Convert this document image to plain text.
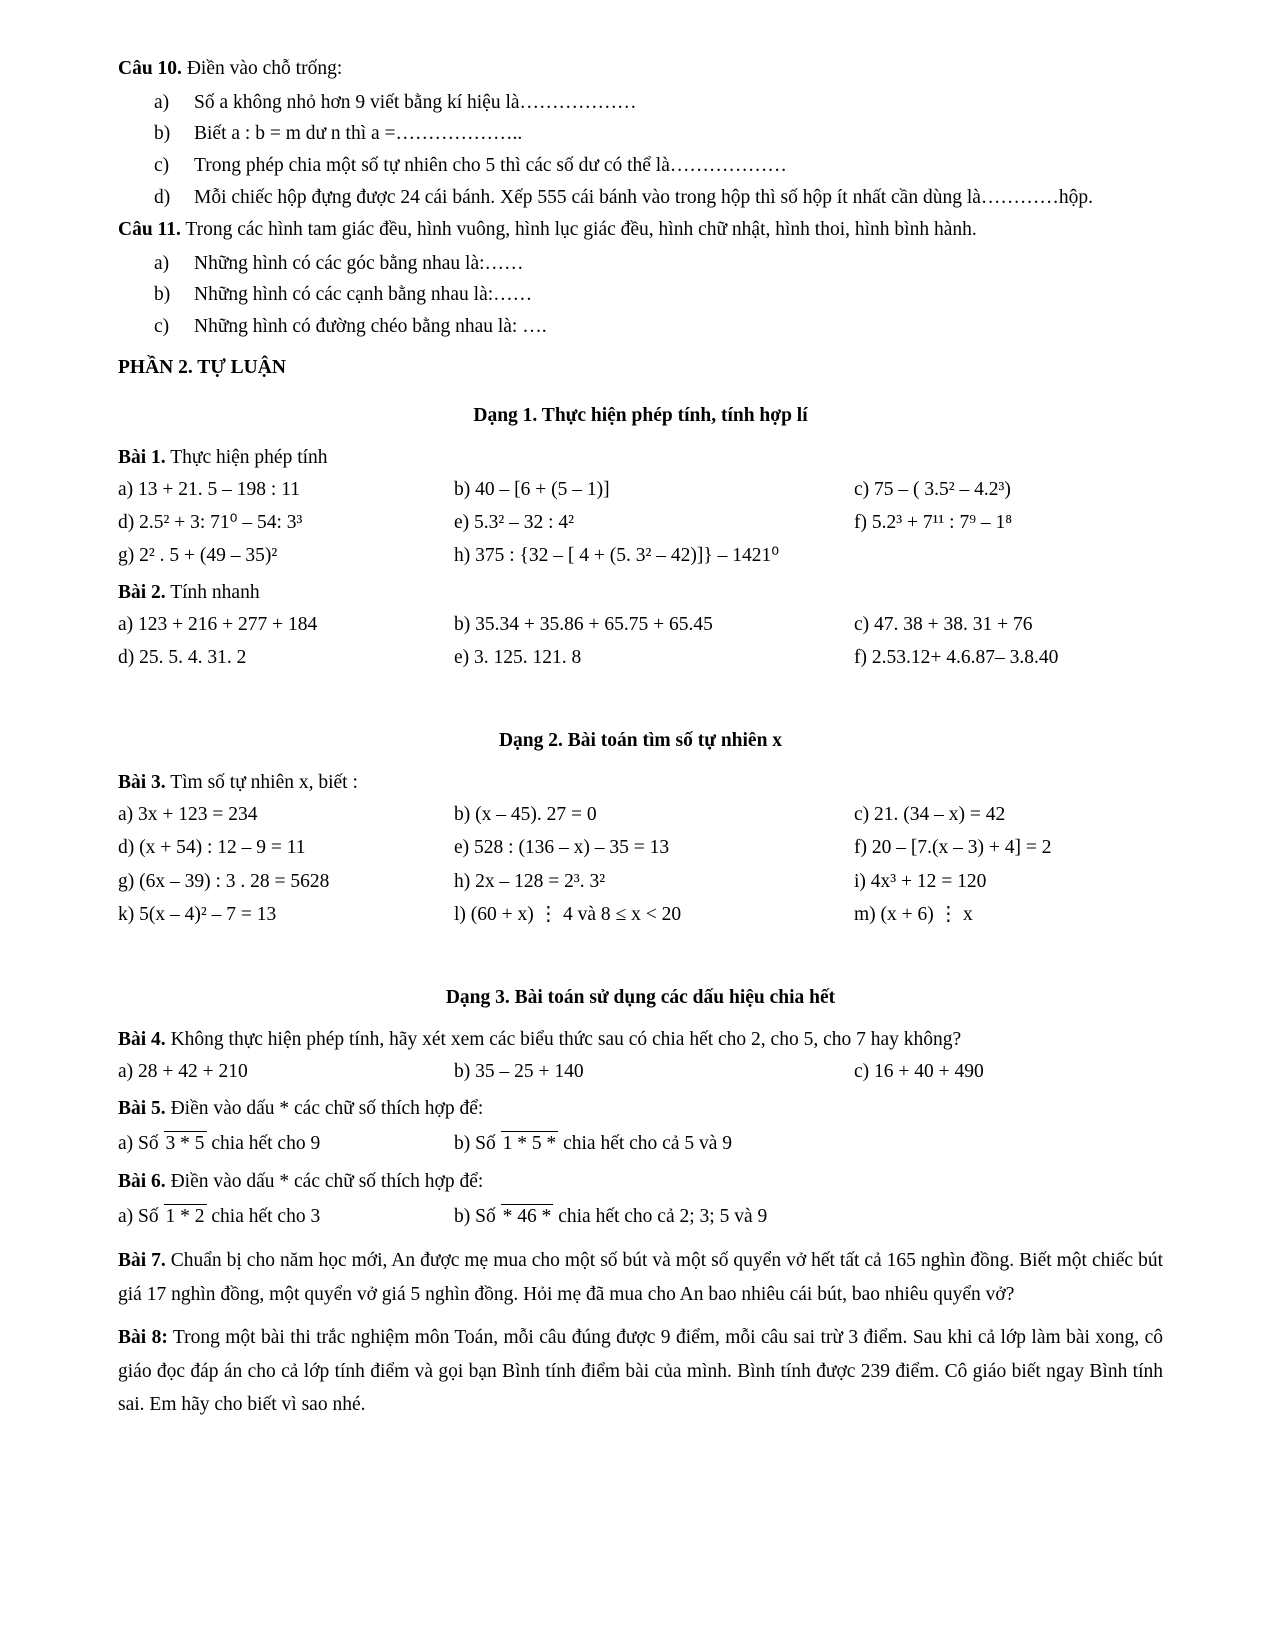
Câu 10. Điền vào chỗ trống:
a)	Số a không nhỏ hơn 9 viết bằng kí hiệu là………………
b)	Biết a : b = m dư n thì a =………………..
c)	Trong phép chia một số tự nhiên cho 5 thì các số dư có thể là………………
d)	Mỗi chiếc hộp đựng được 24 cái bánh. Xếp 555 cái bánh vào trong hộp thì số hộp ít nhất cần dùng là…………hộp.
Câu 11. Trong các hình tam giác đều, hình vuông, hình lục giác đều, hình chữ nhật, hình thoi, hình bình hành.
a)	Những hình có các góc bằng nhau là:……
b)	Những hình có các cạnh bằng nhau là:……
c)	Những hình có đường chéo bằng nhau là: ….
PHẦN 2. TỰ LUẬN
Dạng 1. Thực hiện phép tính, tính hợp lí
Bài 1. Thực hiện phép tính
a) 13 + 21. 5 – 198 : 11	b) 40 – [6 + (5 – 1)]	c) 75 – ( 3.5² – 4.2³)
d) 2.5² + 3: 71⁰ – 54: 3³	e) 5.3² – 32 : 4²	f) 5.2³ + 7¹¹ : 7⁹ – 1⁸
g) 2² . 5 + (49 – 35)²	h) 375 : {32 – [ 4 + (5. 3² – 42)]} – 1421⁰
Bài 2. Tính nhanh
a) 123 + 216 + 277 + 184	b) 35.34 + 35.86 + 65.75 + 65.45	c) 47. 38 + 38. 31 + 76
d) 25. 5. 4. 31. 2	e) 3. 125. 121. 8	f) 2.53.12+ 4.6.87– 3.8.40
Dạng 2. Bài toán tìm số tự nhiên x
Bài 3. Tìm số tự nhiên x, biết :
a) 3x + 123 = 234	b) (x – 45). 27 = 0	c) 21. (34 – x) = 42
d) (x + 54) : 12 – 9 = 11	e) 528 : (136 – x) – 35 = 13	f) 20 – [7.(x – 3) + 4] = 2
g) (6x – 39) : 3 . 28 = 5628	h) 2x – 128 = 2³. 3²	i) 4x³ + 12 = 120
k) 5(x – 4)² – 7 = 13	l) (60 + x) ⋮ 4 và 8 ≤ x < 20	m) (x + 6) ⋮ x
Dạng 3. Bài toán sử dụng các dấu hiệu chia hết
Bài 4. Không thực hiện phép tính, hãy xét xem các biểu thức sau có chia hết cho 2, cho 5, cho 7 hay không?
a) 28 + 42 + 210	b) 35 – 25 + 140	c) 16 + 40 + 490
Bài 5. Điền vào dấu * các chữ số thích hợp để:
a) Số 3 * 5 chia hết cho 9	b) Số 1 * 5 * chia hết cho cả 5 và 9
Bài 6. Điền vào dấu * các chữ số thích hợp để:
a) Số 1 * 2 chia hết cho 3	b) Số * 46 * chia hết cho cả 2; 3; 5 và 9
Bài 7. Chuẩn bị cho năm học mới, An được mẹ mua cho một số bút và một số quyển vở hết tất cả 165 nghìn đồng. Biết một chiếc bút giá 17 nghìn đồng, một quyển vở giá 5 nghìn đồng. Hỏi mẹ đã mua cho An bao nhiêu cái bút, bao nhiêu quyển vở?
Bài 8: Trong một bài thi trắc nghiệm môn Toán, mỗi câu đúng được 9 điểm, mỗi câu sai trừ 3 điểm. Sau khi cả lớp làm bài xong, cô giáo đọc đáp án cho cả lớp tính điểm và gọi bạn Bình tính điểm bài của mình. Bình tính được 239 điểm. Cô giáo biết ngay Bình tính sai. Em hãy cho biết vì sao nhé.
